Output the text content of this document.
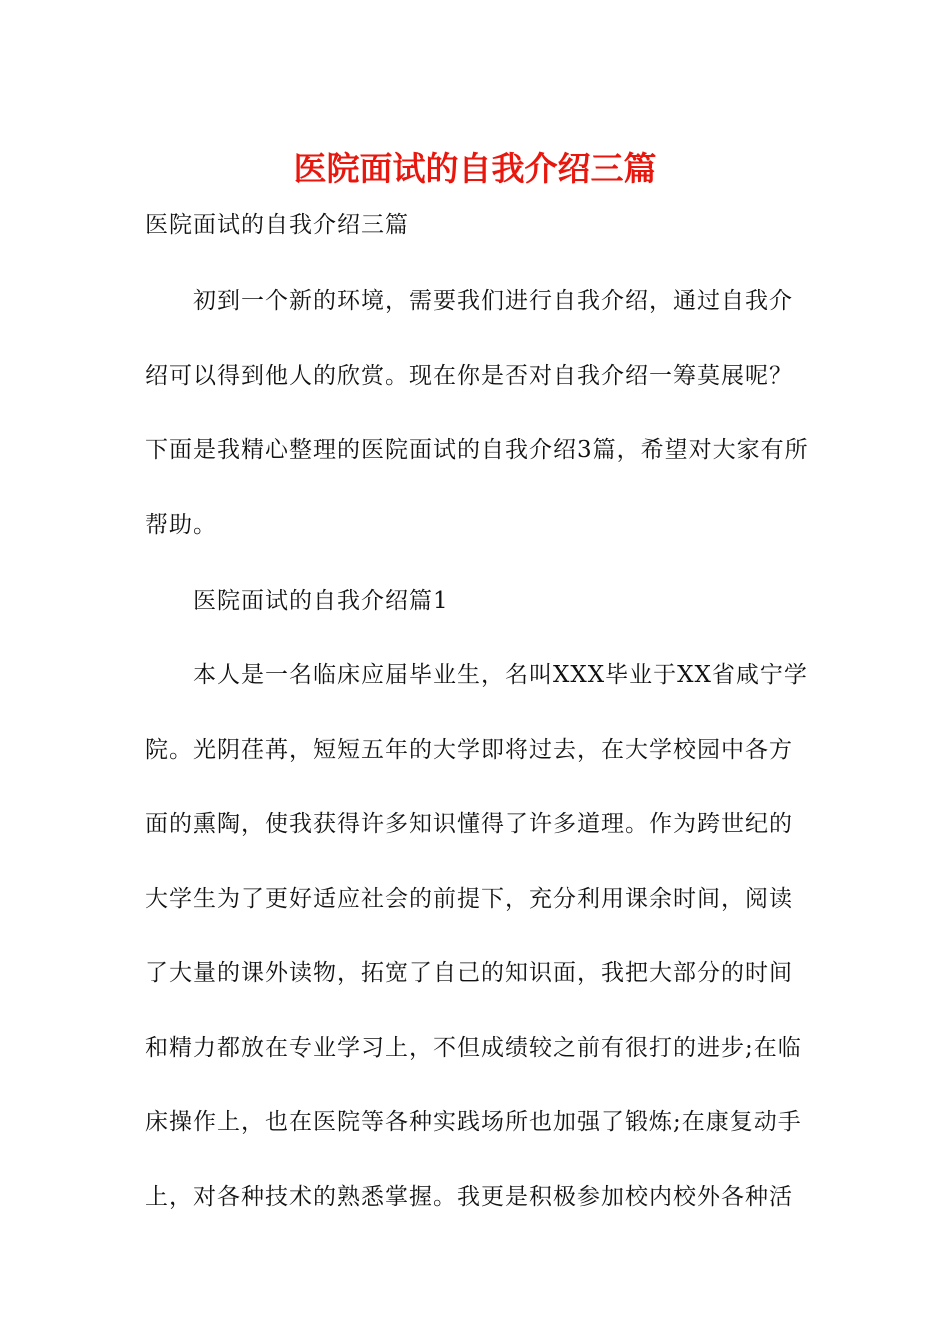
医院面试的自我介绍三篇

医院面试的自我介绍三篇

初到一个新的环境，需要我们进行自我介绍，通过自我介绍可以得到他人的欣赏。现在你是否对自我介绍一筹莫展呢？下面是我精心整理的医院面试的自我介绍3篇，希望对大家有所帮助。

医院面试的自我介绍篇1

本人是一名临床应届毕业生，名叫XXX毕业于XX省咸宁学院。光阴荏苒，短短五年的大学即将过去，在大学校园中各方面的熏陶，使我获得许多知识懂得了许多道理。作为跨世纪的大学生为了更好适应社会的前提下，充分利用课余时间，阅读了大量的课外读物，拓宽了自己的知识面，我把大部分的时间和精力都放在专业学习上，不但成绩较之前有很打的进步;在临床操作上，也在医院等各种实践场所也加强了锻炼;在康复动手上，对各种技术的熟悉掌握。我更是积极参加校内校外各种活
